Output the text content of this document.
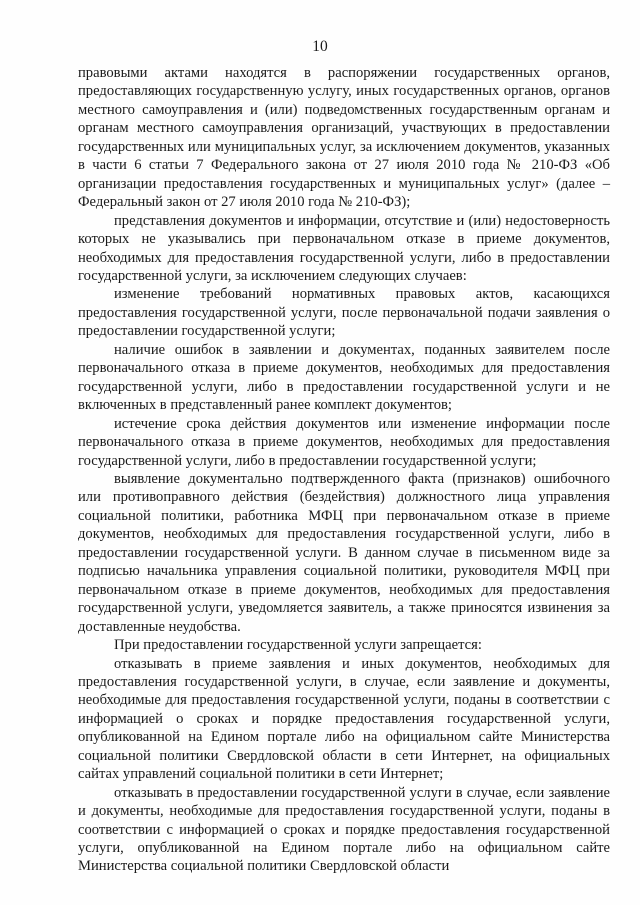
10

правовыми актами находятся в распоряжении государственных органов, предоставляющих государственную услугу, иных государственных органов, органов местного самоуправления и (или) подведомственных государственным органам и органам местного самоуправления организаций, участвующих в предоставлении государственных или муниципальных услуг, за исключением документов, указанных в части 6 статьи 7 Федерального закона от 27 июля 2010 года № 210-ФЗ «Об организации предоставления государственных и муниципальных услуг» (далее – Федеральный закон от 27 июля 2010 года № 210-ФЗ);

представления документов и информации, отсутствие и (или) недостоверность которых не указывались при первоначальном отказе в приеме документов, необходимых для предоставления государственной услуги, либо в предоставлении государственной услуги, за исключением следующих случаев:

изменение требований нормативных правовых актов, касающихся предоставления государственной услуги, после первоначальной подачи заявления о предоставлении государственной услуги;

наличие ошибок в заявлении и документах, поданных заявителем после первоначального отказа в приеме документов, необходимых для предоставления государственной услуги, либо в предоставлении государственной услуги и не включенных в представленный ранее комплект документов;

истечение срока действия документов или изменение информации после первоначального отказа в приеме документов, необходимых для предоставления государственной услуги, либо в предоставлении государственной услуги;

выявление документально подтвержденного факта (признаков) ошибочного или противоправного действия (бездействия) должностного лица управления социальной политики, работника МФЦ при первоначальном отказе в приеме документов, необходимых для предоставления государственной услуги, либо в предоставлении государственной услуги. В данном случае в письменном виде за подписью начальника управления социальной политики, руководителя МФЦ при первоначальном отказе в приеме документов, необходимых для предоставления государственной услуги, уведомляется заявитель, а также приносятся извинения за доставленные неудобства.

При предоставлении государственной услуги запрещается:

отказывать в приеме заявления и иных документов, необходимых для предоставления государственной услуги, в случае, если заявление и документы, необходимые для предоставления государственной услуги, поданы в соответствии с информацией о сроках и порядке предоставления государственной услуги, опубликованной на Едином портале либо на официальном сайте Министерства социальной политики Свердловской области в сети Интернет, на официальных сайтах управлений социальной политики в сети Интернет;

отказывать в предоставлении государственной услуги в случае, если заявление и документы, необходимые для предоставления государственной услуги, поданы в соответствии с информацией о сроках и порядке предоставления государственной услуги, опубликованной на Едином портале либо на официальном сайте Министерства социальной политики Свердловской области
